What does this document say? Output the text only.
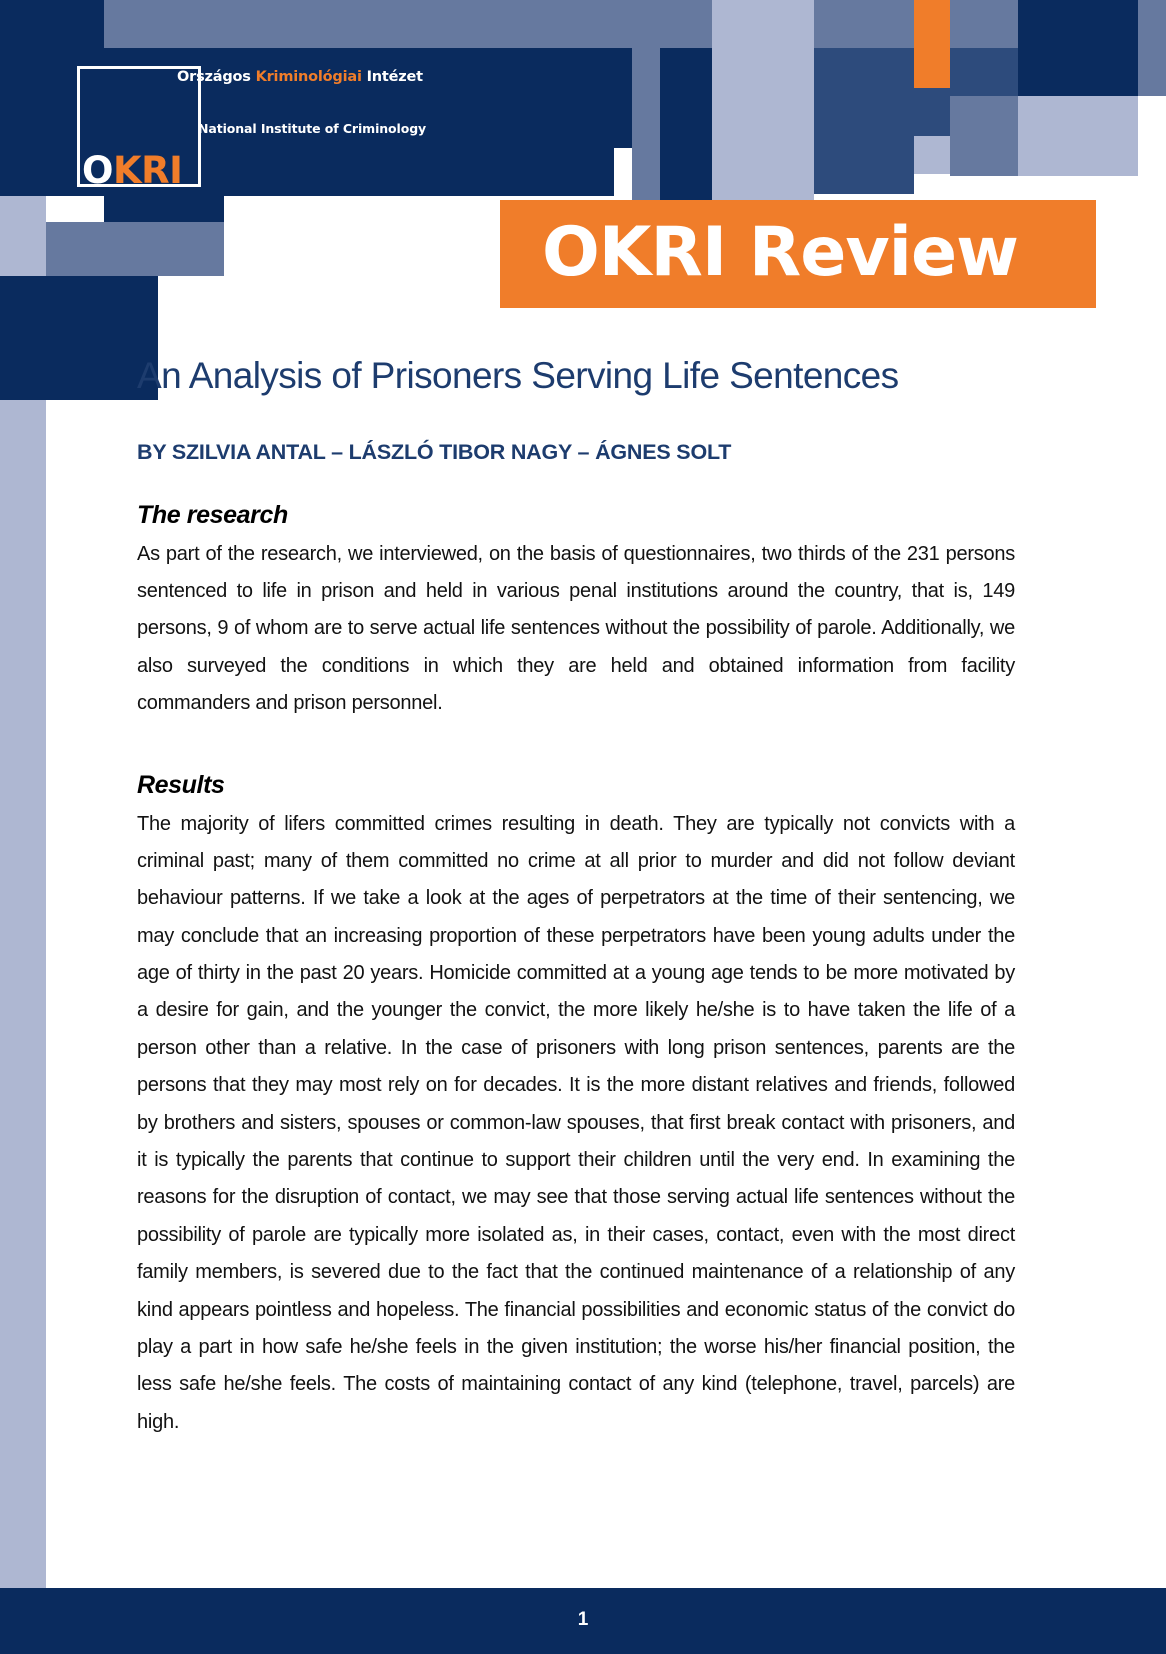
OKRI
Országos Kriminológiai Intézet
National Institute of Criminology
OKRI Review
An Analysis of Prisoners Serving Life Sentences
BY SZILVIA ANTAL – LÁSZLÓ TIBOR NAGY – ÁGNES SOLT
The research

As part of the research, we interviewed, on the basis of questionnaires, two thirds of the 231 persons sentenced to life in prison and held in various penal institutions around the country, that is, 149 persons, 9 of whom are to serve actual life sentences without the possibility of parole. Additionally, we also surveyed the conditions in which they are held and obtained information from facility commanders and prison personnel.

Results

The majority of lifers committed crimes resulting in death. They are typically not convicts with a criminal past; many of them committed no crime at all prior to murder and did not follow deviant behaviour patterns. If we take a look at the ages of perpetrators at the time of their sentencing, we may conclude that an increasing proportion of these perpetrators have been young adults under the age of thirty in the past 20 years. Homicide committed at a young age tends to be more motivated by a desire for gain, and the younger the convict, the more likely he/she is to have taken the life of a person other than a relative. In the case of prisoners with long prison sentences, parents are the persons that they may most rely on for decades. It is the more distant relatives and friends, followed by brothers and sisters, spouses or common-law spouses, that first break contact with prisoners, and it is typically the parents that continue to support their children until the very end. In examining the reasons for the disruption of contact, we may see that those serving actual life sentences without the possibility of parole are typically more isolated as, in their cases, contact, even with the most direct family members, is severed due to the fact that the continued maintenance of a relationship of any kind appears pointless and hopeless. The financial possibilities and economic status of the convict do play a part in how safe he/she feels in the given institution; the worse his/her financial position, the less safe he/she feels. The costs of maintaining contact of any kind (telephone, travel, parcels) are high.

1
